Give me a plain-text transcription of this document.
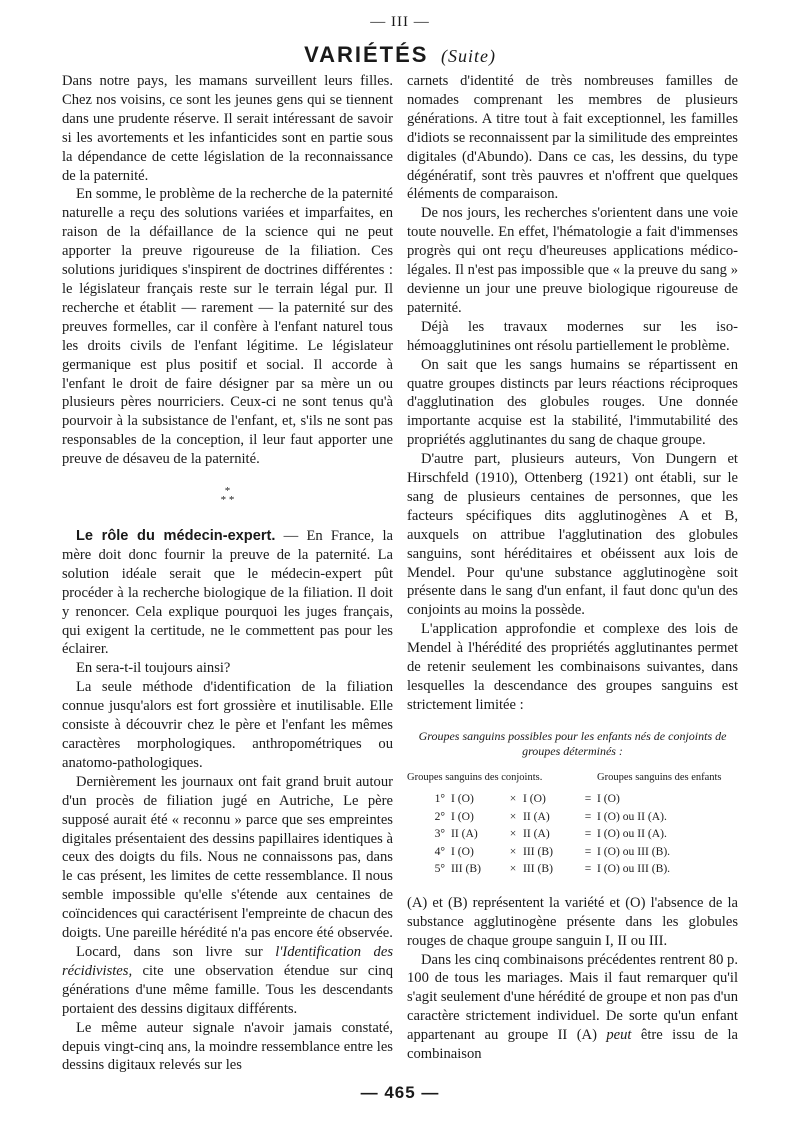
— III —
VARIÉTÉS (Suite)

Dans notre pays, les mamans surveillent leurs filles. Chez nos voisins, ce sont les jeunes gens qui se tiennent dans une prudente réserve. Il serait intéressant de savoir si les avortements et les infanticides sont en partie sous la dépendance de cette législation de la reconnaissance de la paternité.

En somme, le problème de la recherche de la paternité naturelle a reçu des solutions variées et imparfaites, en raison de la défaillance de la science qui ne peut apporter la preuve rigoureuse de la filiation. Ces solutions juridiques s'inspirent de doctrines différentes : le législateur français reste sur le terrain légal pur. Il recherche et établit — rarement — la paternité sur des preuves formelles, car il confère à l'enfant naturel tous les droits civils de l'enfant légitime. Le législateur germanique est plus positif et social. Il accorde à l'enfant le droit de faire désigner par sa mère un ou plusieurs pères nourriciers. Ceux-ci ne sont tenus qu'à pourvoir à la subsistance de l'enfant, et, s'ils ne sont pas responsables de la conception, il leur faut apporter une preuve de désaveu de la paternité.

*
* *

Le rôle du médecin-expert. — En France, la mère doit donc fournir la preuve de la paternité. La solution idéale serait que le médecin-expert pût procéder à la recherche biologique de la filiation. Il doit y renoncer. Cela explique pourquoi les juges français, qui exigent la certitude, ne le commettent pas pour les éclairer.

En sera-t-il toujours ainsi?

La seule méthode d'identification de la filiation connue jusqu'alors est fort grossière et inutilisable. Elle consiste à découvrir chez le père et l'enfant les mêmes caractères morphologiques. anthropométriques ou anatomo-pathologiques.

Dernièrement les journaux ont fait grand bruit autour d'un procès de filiation jugé en Autriche, Le père supposé aurait été « reconnu » parce que ses empreintes digitales présentaient des dessins papillaires identiques à ceux des doigts du fils. Nous ne connaissons pas, dans le cas présent, les limites de cette ressemblance. Il nous semble impossible qu'elle s'étende aux centaines de coïncidences qui caractérisent l'empreinte de chacun des doigts. Une pareille hérédité n'a pas encore été observée.

Locard, dans son livre sur l'Identification des récidivistes, cite une observation étendue sur cinq générations d'une même famille. Tous les descendants portaient des dessins digitaux différents.

Le même auteur signale n'avoir jamais constaté, depuis vingt-cinq ans, la moindre ressemblance entre les dessins digitaux relevés sur les

carnets d'identité de très nombreuses familles de nomades comprenant les membres de plusieurs générations. A titre tout à fait exceptionnel, les familles d'idiots se reconnaissent par la similitude des empreintes digitales (d'Abundo). Dans ce cas, les dessins, du type dégénératif, sont très pauvres et n'offrent que quelques éléments de comparaison.

De nos jours, les recherches s'orientent dans une voie toute nouvelle. En effet, l'hématologie a fait d'immenses progrès qui ont reçu d'heureuses applications médico-légales. Il n'est pas impossible que « la preuve du sang » devienne un jour une preuve biologique rigoureuse de paternité.

Déjà les travaux modernes sur les iso-hémoagglutinines ont résolu partiellement le problème.

On sait que les sangs humains se répartissent en quatre groupes distincts par leurs réactions réciproques d'agglutination des globules rouges. Une donnée importante acquise est la stabilité, l'immutabilité des propriétés agglutinantes du sang de chaque groupe.

D'autre part, plusieurs auteurs, Von Dungern et Hirschfeld (1910), Ottenberg (1921) ont établi, sur le sang de plusieurs centaines de personnes, que les facteurs spécifiques dits agglutinogènes A et B, auxquels on attribue l'agglutination des globules sanguins, sont héréditaires et obéissent aux lois de Mendel. Pour qu'une substance agglutinogène soit présente dans le sang d'un enfant, il faut donc qu'un des conjoints au moins la possède.

L'application approfondie et complexe des lois de Mendel à l'hérédité des propriétés agglutinantes permet de retenir seulement les combinaisons suivantes, dans lesquelles la descendance des groupes sanguins est strictement limitée :

Groupes sanguins possibles pour les enfants nés de conjoints de groupes déterminés :
Groupes sanguins des conjoints.					Groupes sanguins des enfants
1°	I (O)	×	I (O)	=	I (O)
2°	I (O)	×	II (A)	=	I (O) ou II (A).
3°	II (A)	×	II (A)	=	I (O) ou II (A).
4°	I (O)	×	III (B)	=	I (O) ou III (B).
5°	III (B)	×	III (B)	=	I (O) ou III (B).

(A) et (B) représentent la variété et (O) l'absence de la substance agglutinogène présente dans les globules rouges de chaque groupe sanguin I, II ou III.

Dans les cinq combinaisons précédentes rentrent 80 p. 100 de tous les mariages. Mais il faut remarquer qu'il s'agit seulement d'une hérédité de groupe et non pas d'un caractère strictement individuel. De sorte qu'un enfant appartenant au groupe II (A) peut être issu de la combinaison

— 465 —
